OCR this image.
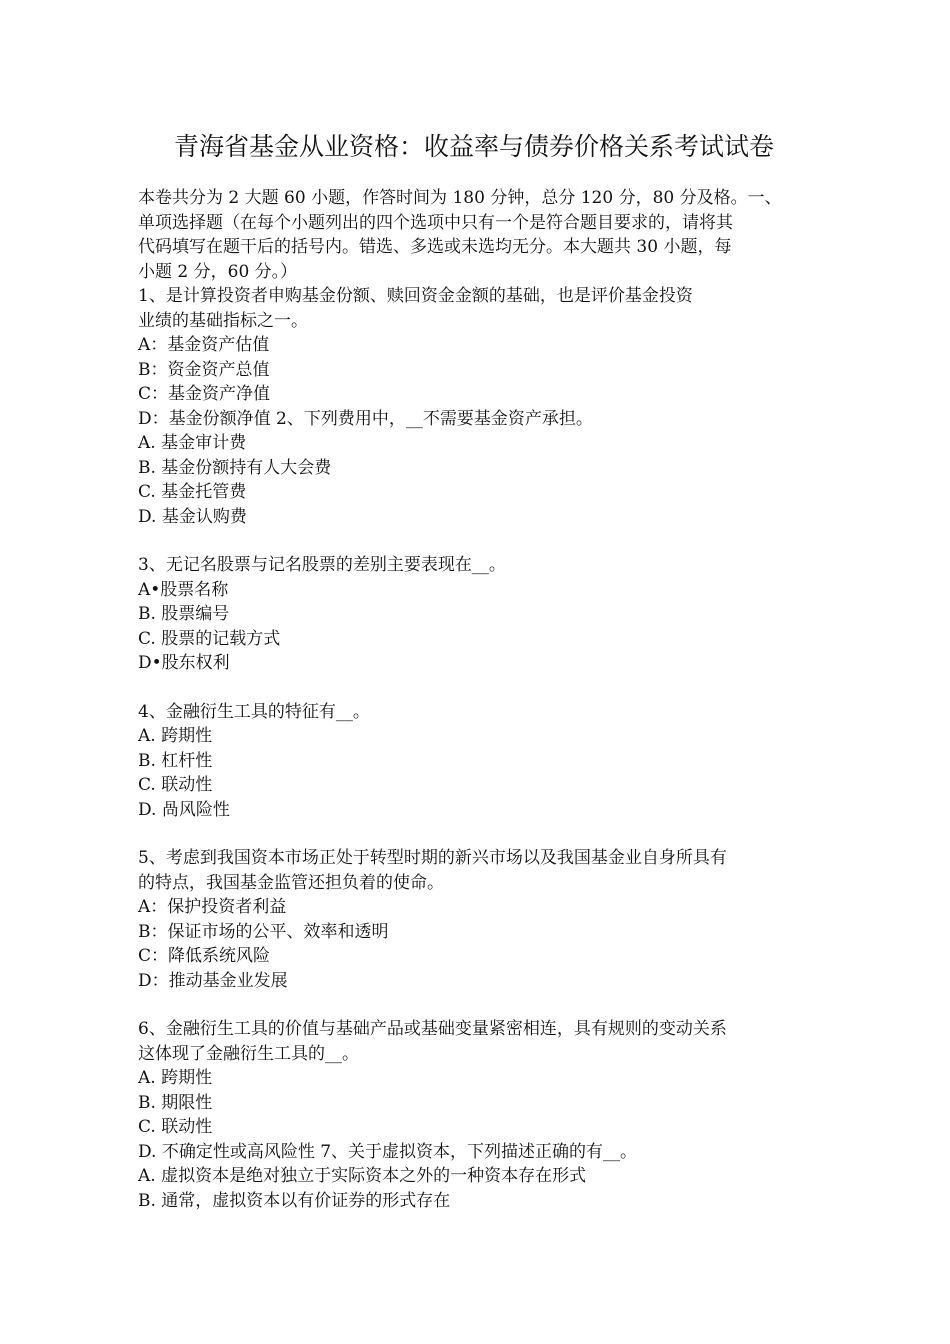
青海省基金从业资格：收益率与债券价格关系考试试卷
本卷共分为 2 大题 60 小题，作答时间为 180 分钟，总分 120 分，80 分及格。一、
单项选择题（在每个小题列出的四个选项中只有一个是符合题目要求的，请将其
代码填写在题干后的括号内。错选、多选或未选均无分。本大题共 30 小题，每
小题 2 分，60 分。）
1、是计算投资者申购基金份额、赎回资金金额的基础，也是评价基金投资
业绩的基础指标之一。
A：基金资产估值
B：资金资产总值
C：基金资产净值
D：基金份额净值 2、下列费用中，__不需要基金资产承担。
A. 基金审计费
B. 基金份额持有人大会费
C. 基金托管费
D. 基金认购费
3、无记名股票与记名股票的差别主要表现在__。
A•股票名称
B. 股票编号
C. 股票的记载方式
D•股东权利
4、金融衍生工具的特征有__。
A. 跨期性
B. 杠杆性
C. 联动性
D. 咼风险性
5、考虑到我国资本市场正处于转型时期的新兴市场以及我国基金业自身所具有
的特点，我国基金监管还担负着的使命。
A：保护投资者利益
B：保证市场的公平、效率和透明
C：降低系统风险
D：推动基金业发展
6、金融衍生工具的价值与基础产品或基础变量紧密相连，具有规则的变动关系
这体现了金融衍生工具的__。
A. 跨期性
B. 期限性
C. 联动性
D. 不确定性或高风险性 7、关于虚拟资本，下列描述正确的有__。
A. 虚拟资本是绝对独立于实际资本之外的一种资本存在形式
B. 通常，虚拟资本以有价证券的形式存在
